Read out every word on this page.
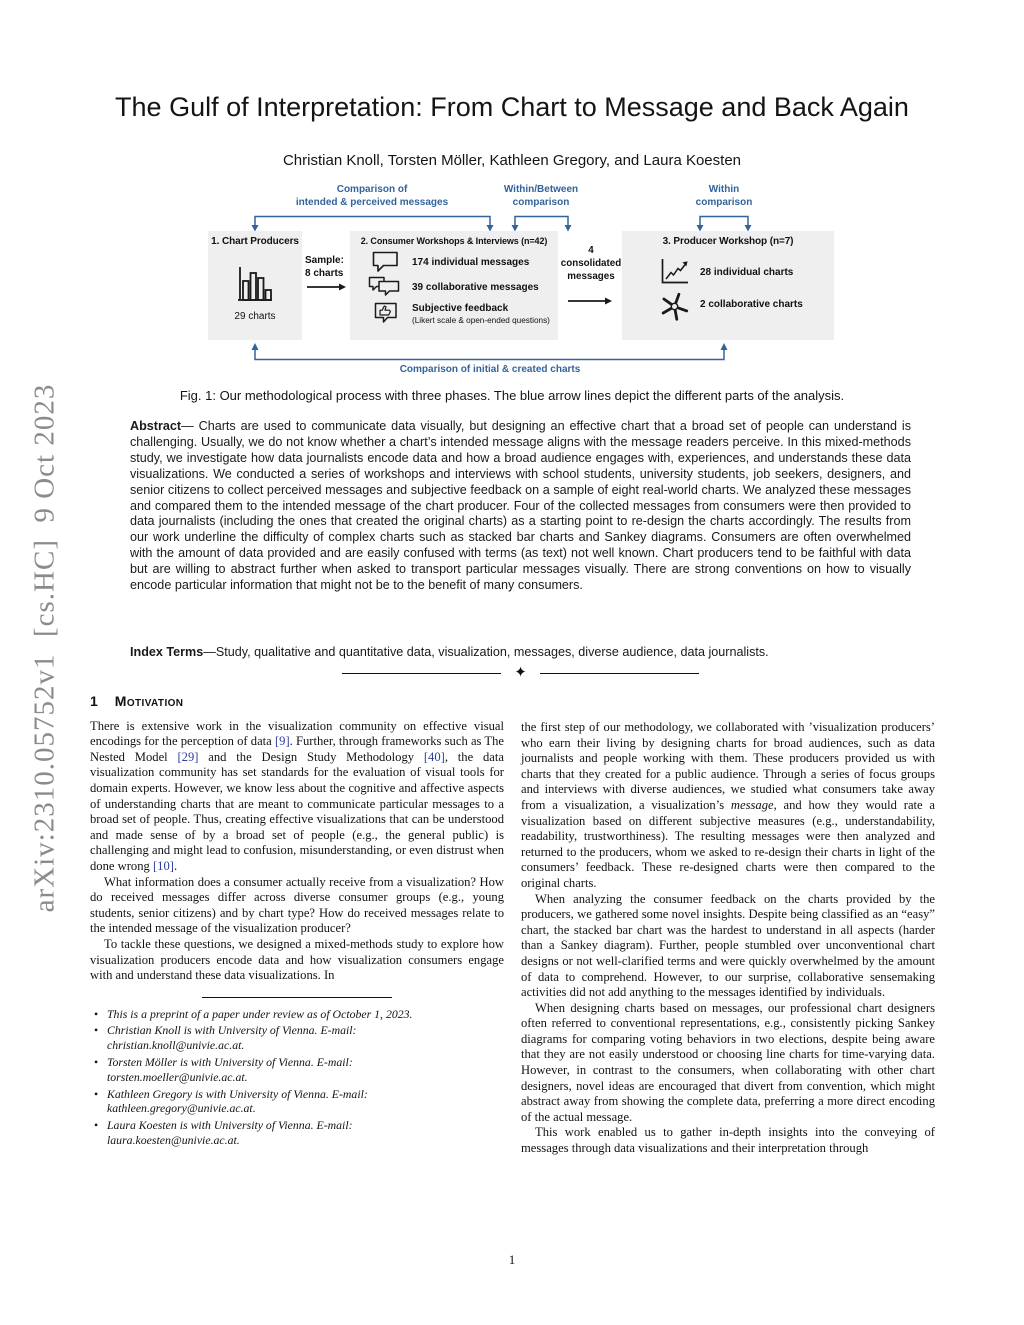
arXiv:2310.05752v1  [cs.HC]  9 Oct 2023
The Gulf of Interpretation: From Chart to Message and Back Again
Christian Knoll, Torsten Möller, Kathleen Gregory, and Laura Koesten
Comparison of
intended & perceived messages
Within/Between
comparison
Within
comparison
1. Chart Producers
29 charts
Sample:
8 charts
2. Consumer Workshops & Interviews (n=42)
174 individual messages
39 collaborative messages
Subjective feedback
(Likert scale & open-ended questions)
4
consolidated
messages
3. Producer Workshop (n=7)
28 individual charts
2 collaborative charts
Comparison of initial & created charts
Fig. 1: Our methodological process with three phases. The blue arrow lines depict the different parts of the analysis.
Abstract— Charts are used to communicate data visually, but designing an effective chart that a broad set of people can understand is challenging. Usually, we do not know whether a chart’s intended message aligns with the message readers perceive. In this mixed-methods study, we investigate how data journalists encode data and how a broad audience engages with, experiences, and understands these data visualizations. We conducted a series of workshops and interviews with school students, university students, job seekers, designers, and senior citizens to collect perceived messages and subjective feedback on a sample of eight real-world charts. We analyzed these messages and compared them to the intended message of the chart producer. Four of the collected messages from consumers were then provided to data journalists (including the ones that created the original charts) as a starting point to re-design the charts accordingly. The results from our work underline the difficulty of complex charts such as stacked bar charts and Sankey diagrams. Consumers are often overwhelmed with the amount of data provided and are easily confused with terms (as text) not well known. Chart producers tend to be faithful with data but are willing to abstract further when asked to transport particular messages visually. There are strong conventions on how to visually encode particular information that might not be to the benefit of many consumers.
Index Terms—Study, qualitative and quantitative data, visualization, messages, diverse audience, data journalists.
✦
1 Motivation

There is extensive work in the visualization community on effective visual encodings for the perception of data [9]. Further, through frameworks such as The Nested Model [29] and the Design Study Methodology [40], the data visualization community has set standards for the evaluation of visual tools for domain experts. However, we know less about the cognitive and affective aspects of understanding charts that are meant to communicate particular messages to a broad set of people. Thus, creating effective visualizations that can be understood and made sense of by a broad set of people (e.g., the general public) is challenging and might lead to confusion, misunderstanding, or even distrust when done wrong [10].

What information does a consumer actually receive from a visualization? How do received messages differ across diverse consumer groups (e.g., young students, senior citizens) and by chart type? How do received messages relate to the intended message of the visualization producer?

To tackle these questions, we designed a mixed-methods study to explore how visualization producers encode data and how visualization consumers engage with and understand these data visualizations. In

• This is a preprint of a paper under review as of October 1, 2023.
• Christian Knoll is with University of Vienna. E-mail:
christian.knoll@univie.ac.at.
• Torsten Möller is with University of Vienna. E-mail:
torsten.moeller@univie.ac.at.
• Kathleen Gregory is with University of Vienna. E-mail:
kathleen.gregory@univie.ac.at.
• Laura Koesten is with University of Vienna. E-mail:
laura.koesten@univie.ac.at.

the first step of our methodology, we collaborated with ’visualization producers’ who earn their living by designing charts for broad audiences, such as data journalists and people working with them. These producers provided us with charts that they created for a public audience. Through a series of focus groups and interviews with diverse audiences, we studied what consumers take away from a visualization, a visualization’s message, and how they would rate a visualization based on different subjective measures (e.g., understandability, readability, trustworthiness). The resulting messages were then analyzed and returned to the producers, whom we asked to re-design their charts in light of the consumers’ feedback. These re-designed charts were then compared to the original charts.

When analyzing the consumer feedback on the charts provided by the producers, we gathered some novel insights. Despite being classified as an “easy” chart, the stacked bar chart was the hardest to understand in all aspects (harder than a Sankey diagram). Further, people stumbled over unconventional chart designs or not well-clarified terms and were quickly overwhelmed by the amount of data to comprehend. However, to our surprise, collaborative sensemaking activities did not add anything to the messages identified by individuals.

When designing charts based on messages, our professional chart designers often referred to conventional representations, e.g., consistently picking Sankey diagrams for comparing voting behaviors in two elections, despite being aware that they are not easily understood or choosing line charts for time-varying data. However, in contrast to the consumers, when collaborating with other chart designers, novel ideas are encouraged that divert from convention, which might abstract away from showing the complete data, preferring a more direct encoding of the actual message.

This work enabled us to gather in-depth insights into the conveying of messages through data visualizations and their interpretation through

1
